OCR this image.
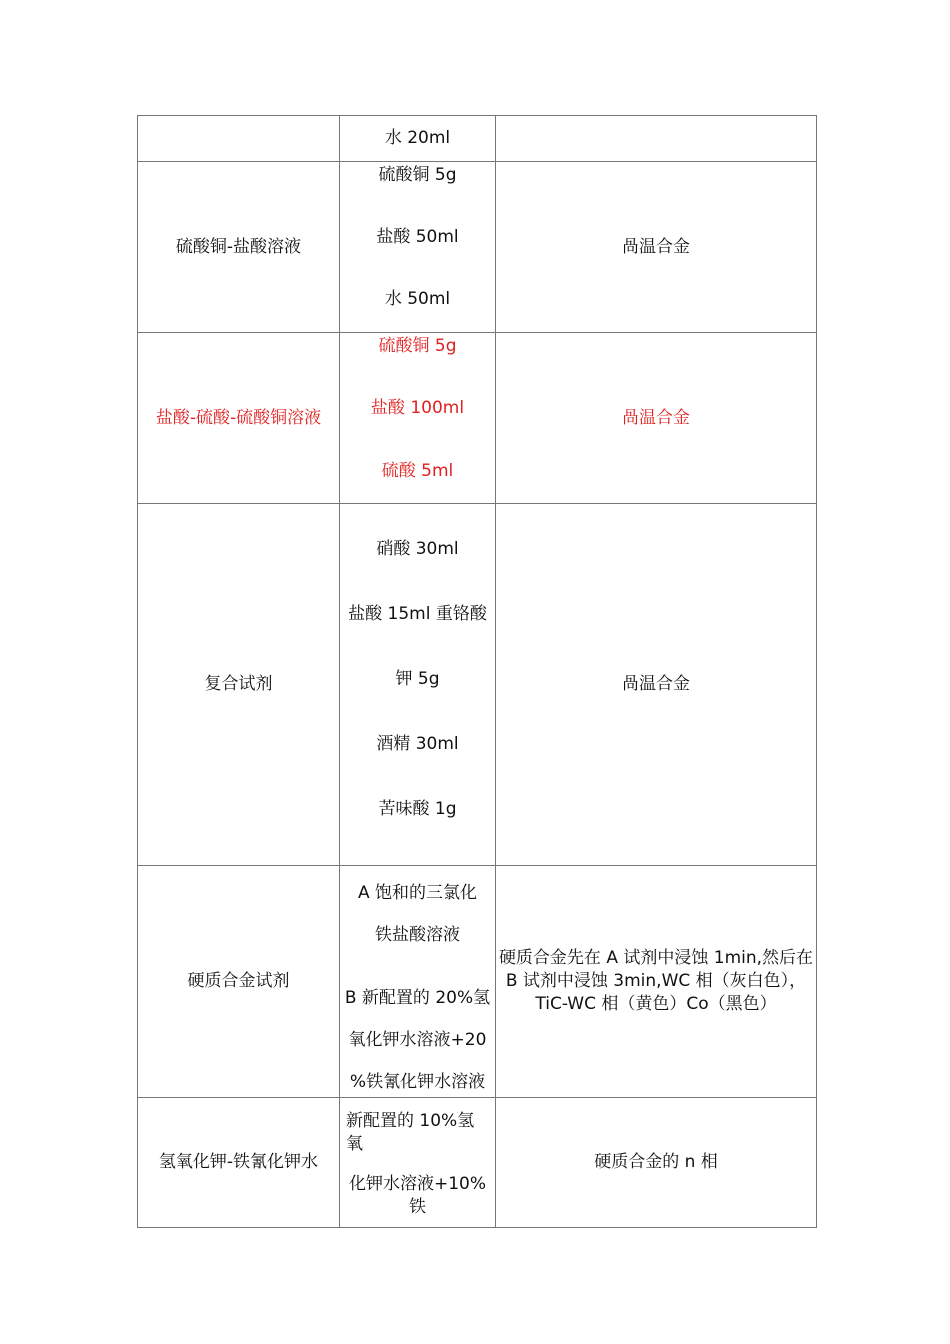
	水 20ml	

硫酸铜-盐酸溶液	硫酸铜 5g
盐酸 50ml
水 50ml	咼温合金
盐酸-硫酸-硫酸铜溶液	硫酸铜 5g
盐酸 100ml
硫酸 5ml	咼温合金
复合试剂	硝酸 30ml
盐酸 15ml 重铬酸
钾 5g
酒精 30ml
苦味酸 1g	咼温合金
硬质合金试剂	A 饱和的三氯化
铁盐酸溶液
B 新配置的 20%氢
氧化钾水溶液+20
%铁氰化钾水溶液	硬质合金先在 A 试剂中浸蚀 1min,然后在 B 试剂中浸蚀 3min,WC 相（灰白色），TiC-WC 相（黄色）Co（黑色）
氢氧化钾-铁氰化钾水	新配置的 10%氢氧
化钾水溶液+10%铁	硬质合金的 n 相
